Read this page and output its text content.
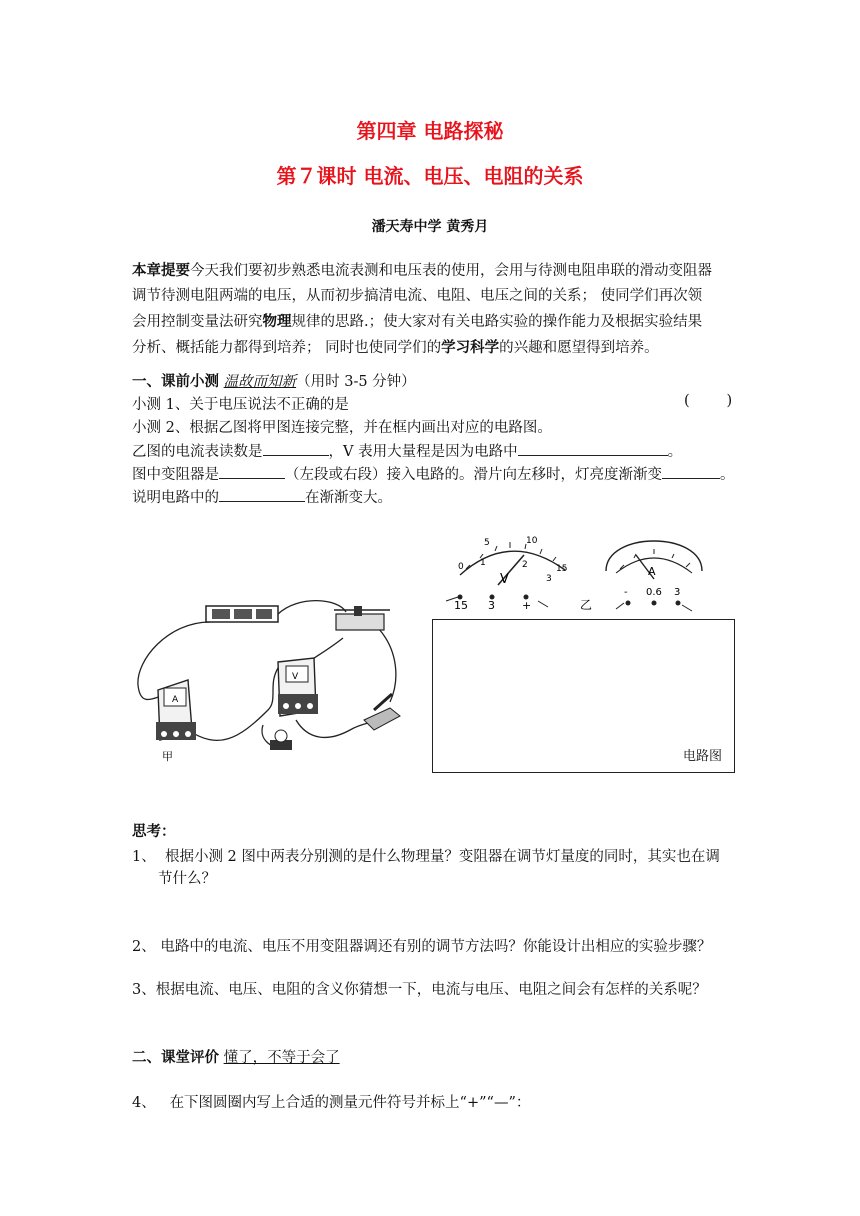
第四章 电路探秘
第７课时 电流、电压、电阻的关系
潘天寿中学 黄秀月
本章提要今天我们要初步熟悉电流表测和电压表的使用，会用与待测电阻串联的滑动变阻器
调节待测电阻两端的电压，从而初步搞清电流、电阻、电压之间的关系； 使同学们再次领
会用控制变量法研究物理规律的思路.；使大家对有关电路实验的操作能力及根据实验结果
分析、概括能力都得到培养； 同时也使同学们的学习科学的兴趣和愿望得到培养。
一、课前小测 温故而知新（用时 3-5 分钟）
小测 1、关于电压说法不正确的是	(        )
小测 2、根据乙图将甲图连接完整，并在框内画出对应的电路图。
乙图的电流表读数是	，V 表用大量程是因为电路中	。
图中变阻器是	（左段或右段）接入电路的。滑片向左移时，灯亮度渐渐变	。
说明电路中的	在渐渐变大。
A
甲
V
0
5	10
15
1	2
3
V
15 3 +	乙
A
- 0.6 3
电路图
思考：
1、 根据小测 2 图中两表分别测的是什么物理量？变阻器在调节灯量度的同时，其实也在调
节什么？
2、 电路中的电流、电压不用变阻器调还有别的调节方法吗？你能设计出相应的实验步骤？
3、根据电流、电压、电阻的含义你猜想一下，电流与电压、电阻之间会有怎样的关系呢？
二、课堂评价 懂了，不等于会了
4、 在下图圆圈内写上合适的测量元件符号并标上“+”“—”：
